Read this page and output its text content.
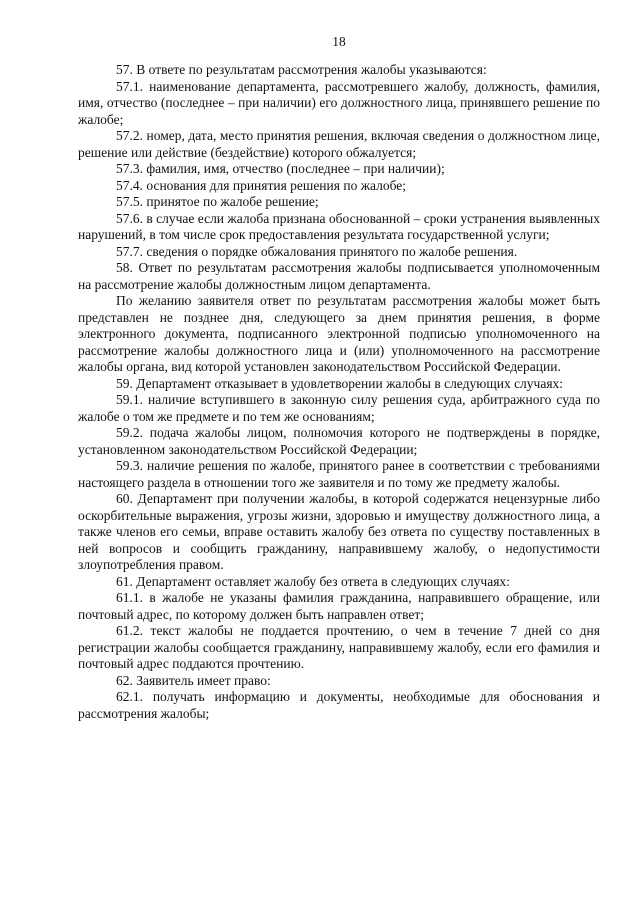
18

57. В ответе по результатам рассмотрения жалобы указываются:

57.1. наименование департамента, рассмотревшего жалобу, должность, фамилия, имя, отчество (последнее – при наличии) его должностного лица, принявшего решение по жалобе;

57.2. номер, дата, место принятия решения, включая сведения о должностном лице, решение или действие (бездействие) которого обжалуется;

57.3. фамилия, имя, отчество (последнее – при наличии);

57.4. основания для принятия решения по жалобе;

57.5. принятое по жалобе решение;

57.6. в случае если жалоба признана обоснованной – сроки устранения выявленных нарушений, в том числе срок предоставления результата государственной услуги;

57.7. сведения о порядке обжалования принятого по жалобе решения.

58. Ответ по результатам рассмотрения жалобы подписывается уполномоченным на рассмотрение жалобы должностным лицом департамента.

По желанию заявителя ответ по результатам рассмотрения жалобы может быть представлен не позднее дня, следующего за днем принятия решения, в форме электронного документа, подписанного электронной подписью уполномоченного на рассмотрение жалобы должностного лица и (или) уполномоченного на рассмотрение жалобы органа, вид которой установлен законодательством Российской Федерации.

59. Департамент отказывает в удовлетворении жалобы в следующих случаях:

59.1. наличие вступившего в законную силу решения суда, арбитражного суда по жалобе о том же предмете и по тем же основаниям;

59.2. подача жалобы лицом, полномочия которого не подтверждены в порядке, установленном законодательством Российской Федерации;

59.3. наличие решения по жалобе, принятого ранее в соответствии с требованиями настоящего раздела в отношении того же заявителя и по тому же предмету жалобы.

60. Департамент при получении жалобы, в которой содержатся нецензурные либо оскорбительные выражения, угрозы жизни, здоровью и имуществу должностного лица, а также членов его семьи, вправе оставить жалобу без ответа по существу поставленных в ней вопросов и сообщить гражданину, направившему жалобу, о недопустимости злоупотребления правом.

61. Департамент оставляет жалобу без ответа в следующих случаях:

61.1. в жалобе не указаны фамилия гражданина, направившего обращение, или почтовый адрес, по которому должен быть направлен ответ;

61.2. текст жалобы не поддается прочтению, о чем в течение 7 дней со дня регистрации жалобы сообщается гражданину, направившему жалобу, если его фамилия и почтовый адрес поддаются прочтению.

62. Заявитель имеет право:

62.1. получать информацию и документы, необходимые для обоснования и рассмотрения жалобы;
